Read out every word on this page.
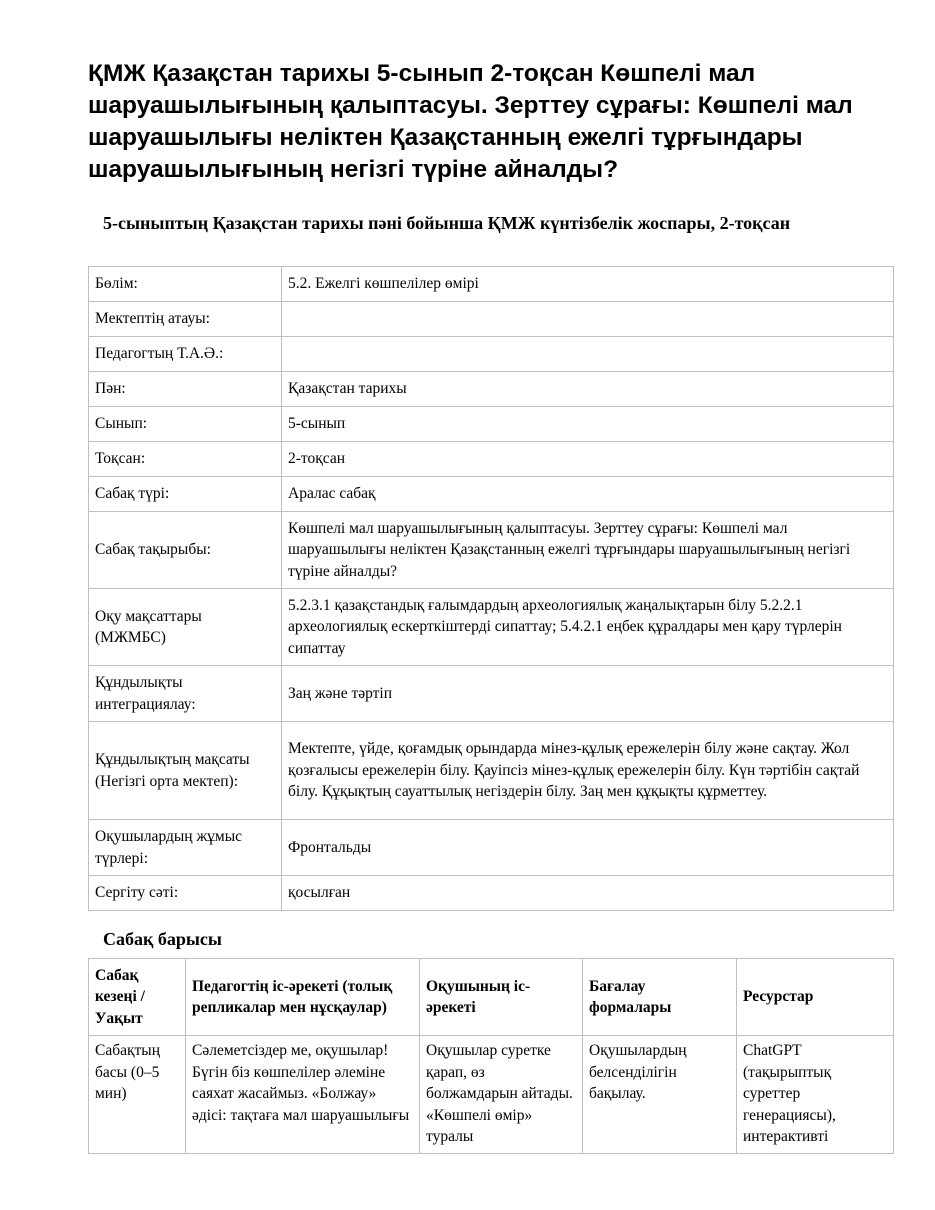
ҚМЖ Қазақстан тарихы 5-сынып 2-тоқсан Көшпелі мал шаруашылығының қалыптасуы. Зерттеу сұрағы: Көшпелі мал шаруашылығы неліктен Қазақстанның ежелгі тұрғындары шаруашылығының негізгі түріне айналды?
5-сыныптың Қазақстан тарихы пәні бойынша ҚМЖ күнтізбелік жоспары, 2-тоқсан
Бөлім:	5.2. Ежелгі көшпелілер өмірі
Мектептің атауы:	
Педагогтың Т.А.Ә.:	
Пән:	Қазақстан тарихы
Сынып:	5-сынып
Тоқсан:	2-тоқсан
Сабақ түрі:	Аралас сабақ
Сабақ тақырыбы:	Көшпелі мал шаруашылығының қалыптасуы. Зерттеу сұрағы: Көшпелі мал шаруашылығы неліктен Қазақстанның ежелгі тұрғындары шаруашылығының негізгі түріне айналды?
Оқу мақсаттары (МЖМБС)	5.2.3.1 қазақстандық ғалымдардың археологиялық жаңалықтарын білу 5.2.2.1 археологиялық ескерткіштерді сипаттау; 5.4.2.1 еңбек құралдары мен қару түрлерін сипаттау
Құндылықты интеграциялау:	Заң және тәртіп
Құндылықтың мақсаты (Негізгі орта мектеп):	Мектепте, үйде, қоғамдық орындарда мінез-құлық ережелерін білу және сақтау. Жол қозғалысы ережелерін білу. Қауіпсіз мінез-құлық ережелерін білу. Күн тәртібін сақтай білу. Құқықтың сауаттылық негіздерін білу. Заң мен құқықты құрметтеу.
Оқушылардың жұмыс түрлері:	Фронтальды
Сергіту сәті:	қосылған
Сабақ барысы
Сабақ кезеңі / Уақыт	Педагогтің іс-әрекеті (толық репликалар мен нұсқаулар)	Оқушының іс-әрекеті	Бағалау формалары	Ресурстар
Сабақтың басы (0–5 мин)	Сәлеметсіздер ме, оқушылар! Бүгін біз көшпелілер әлеміне саяхат жасаймыз. «Болжау» әдісі: тақтаға мал шаруашылығы	Оқушылар суретке қарап, өз болжамдарын айтады. «Көшпелі өмір» туралы	Оқушылардың белсенділігін бақылау.	ChatGPT (тақырыптық суреттер генерациясы), интерактивті
